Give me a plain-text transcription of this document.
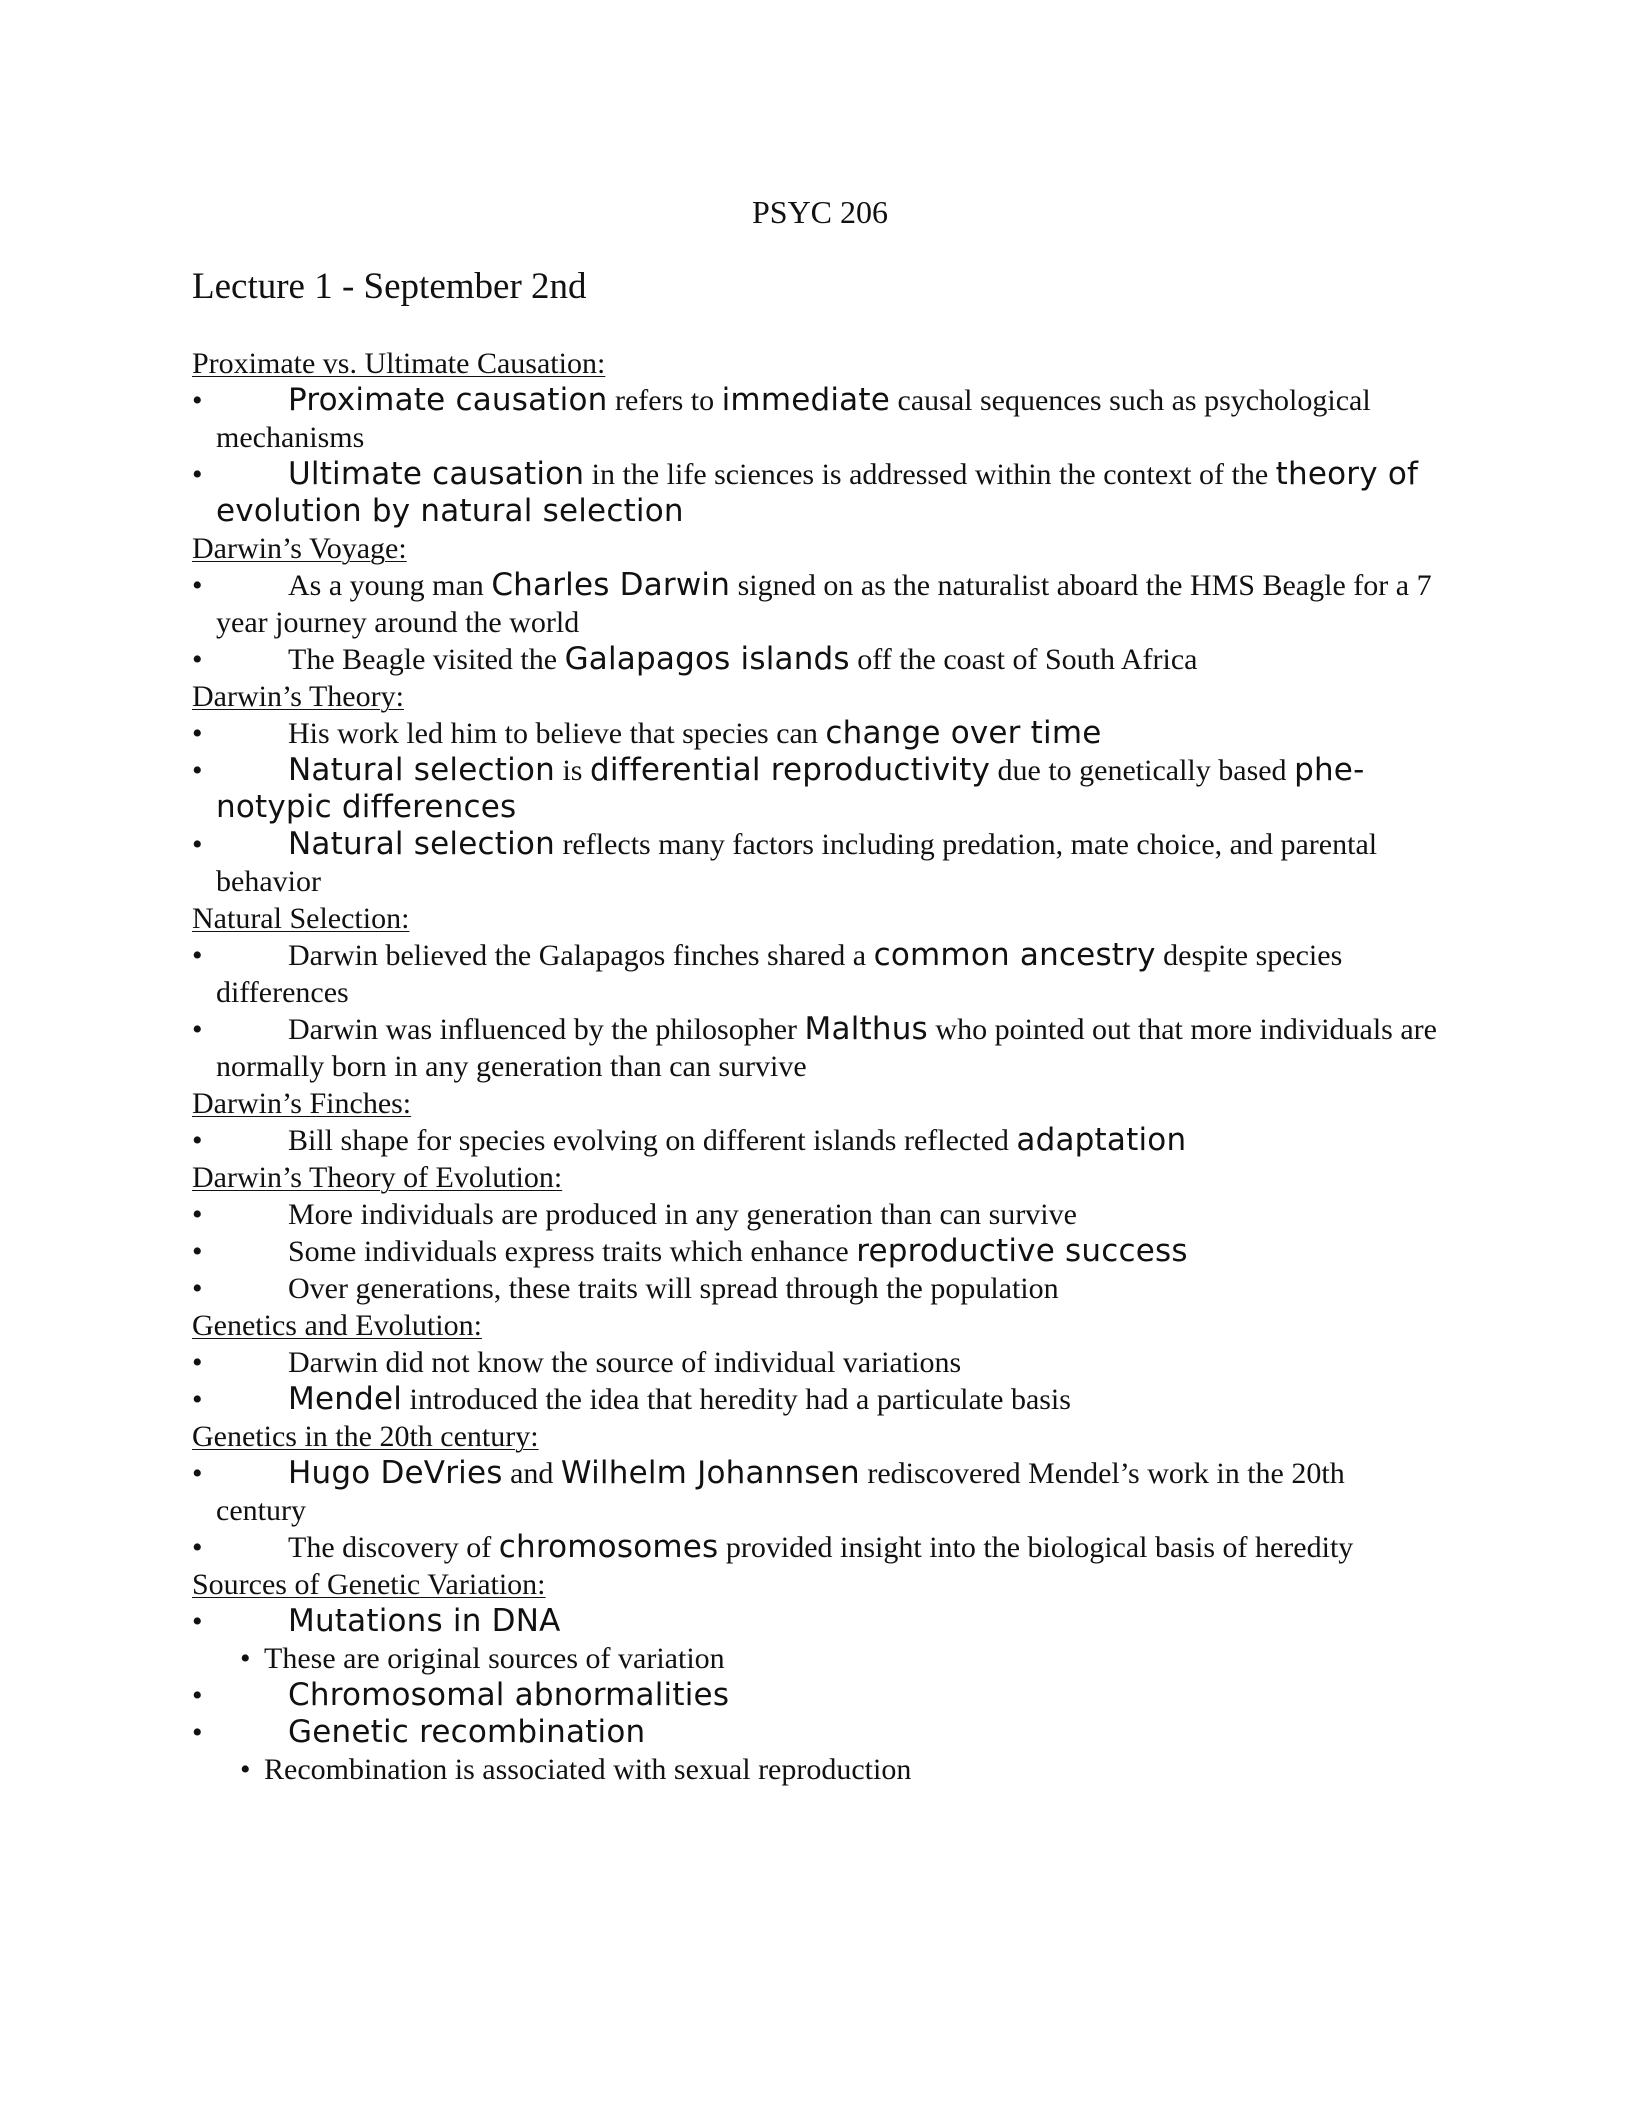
PSYC 206
Lecture 1 - September 2nd
Proximate vs. Ultimate Causation:
•	Proximate causation refers to immediate causal sequences such as psychological mechanisms
•	Ultimate causation in the life sciences is addressed within the context of the theory of evolution by natural selection
Darwin’s Voyage:
•	As a young man Charles Darwin signed on as the naturalist aboard the HMS Beagle for a 7 year journey around the world
•	The Beagle visited the Galapagos islands off the coast of South Africa
Darwin’s Theory:
•	His work led him to believe that species can change over time
•	Natural selection is differential reproductivity due to genetically based phenotypic differences
•	Natural selection reflects many factors including predation, mate choice, and parental behavior
Natural Selection:
•	Darwin believed the Galapagos finches shared a common ancestry despite species differences
•	Darwin was influenced by the philosopher Malthus who pointed out that more individuals are normally born in any generation than can survive
Darwin’s Finches:
•	Bill shape for species evolving on different islands reflected adaptation
Darwin’s Theory of Evolution:
•	More individuals are produced in any generation than can survive
•	Some individuals express traits which enhance reproductive success
•	Over generations, these traits will spread through the population
Genetics and Evolution:
•	Darwin did not know the source of individual variations
•	Mendel introduced the idea that heredity had a particulate basis
Genetics in the 20th century:
•	Hugo DeVries and Wilhelm Johannsen rediscovered Mendel’s work in the 20th century
•	The discovery of chromosomes provided insight into the biological basis of heredity
Sources of Genetic Variation:
•	Mutations in DNA
• These are original sources of variation
•	Chromosomal abnormalities
•	Genetic recombination
• Recombination is associated with sexual reproduction
